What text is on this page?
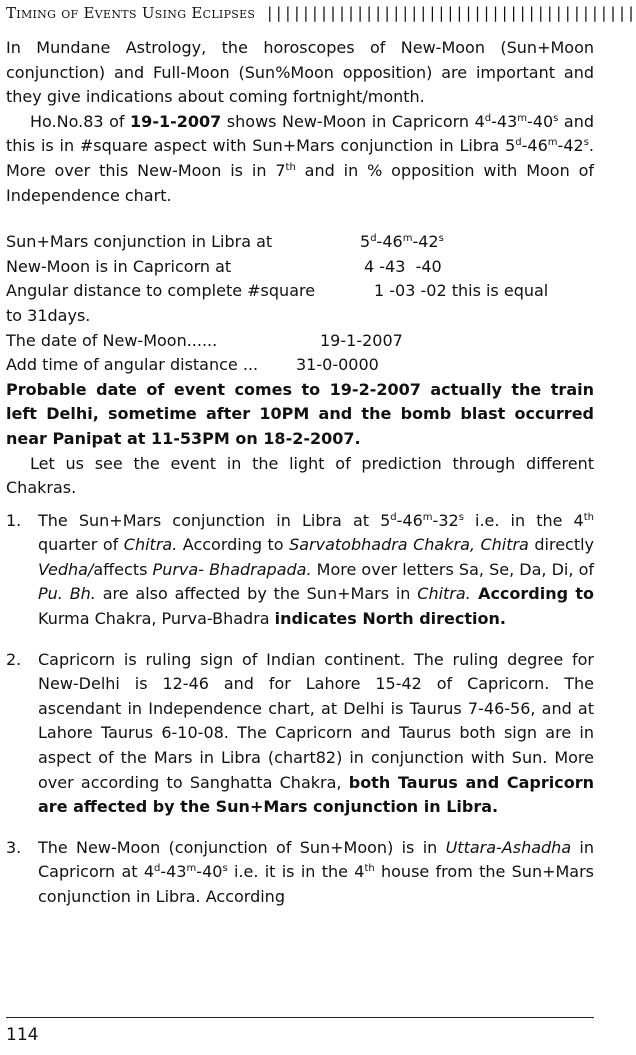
Timing of Events Using Eclipses |||||||||||||||||||||||||||||||||||||||||

In Mundane Astrology, the horoscopes of New-Moon (Sun+Moon conjunction) and Full-Moon (Sun%Moon opposition) are important and they give indications about coming fortnight/month.

Ho.No.83 of 19-1-2007 shows New-Moon in Capricorn 4$^d$-43$^m$-40$^s$ and this is in #square aspect with Sun+Mars conjunction in Libra 5$^d$-46$^m$-42$^s$. More over this New-Moon is in 7th and in % opposition with Moon of Independence chart.

Sun+Mars conjunction in Libra at	5$^d$-46$^m$-42$^s$
New-Moon is in Capricorn at	4 -43  -40
Angular distance to complete #square	1 -03 -02 this is equal
to 31days.
The date of New-Moon......	19-1-2007
Add time of angular distance ... 31-0-0000

Probable date of event comes to 19-2-2007 actually the train left Delhi, sometime after 10PM and the bomb blast occurred near Panipat at 11-53PM on 18-2-2007.

Let us see the event in the light of prediction through different Chakras.

1.	The Sun+Mars conjunction in Libra at 5$^d$-46$^m$-32$^s$ i.e. in the 4th quarter of Chitra. According to Sarvatobhadra Chakra, Chitra directly Vedha/affects Purva- Bhadrapada. More over letters Sa, Se, Da, Di, of Pu. Bh. are also affected by the Sun+Mars in Chitra. According to Kurma Chakra, Purva-Bhadra indicates North direction.
2.	Capricorn is ruling sign of Indian continent. The ruling degree for New-Delhi is 12-46 and for Lahore 15-42 of Capricorn. The ascendant in Independence chart, at Delhi is Taurus 7-46-56, and at Lahore Taurus 6-10-08. The Capricorn and Taurus both sign are in aspect of the Mars in Libra (chart82) in conjunction with Sun. More over according to Sanghatta Chakra, both Taurus and Capricorn are affected by the Sun+Mars conjunction in Libra.
3.	The New-Moon (conjunction of Sun+Moon) is in Uttara-Ashadha in Capricorn at 4$^d$-43$^m$-40$^s$ i.e. it is in the 4th house from the Sun+Mars conjunction in Libra. According
114
